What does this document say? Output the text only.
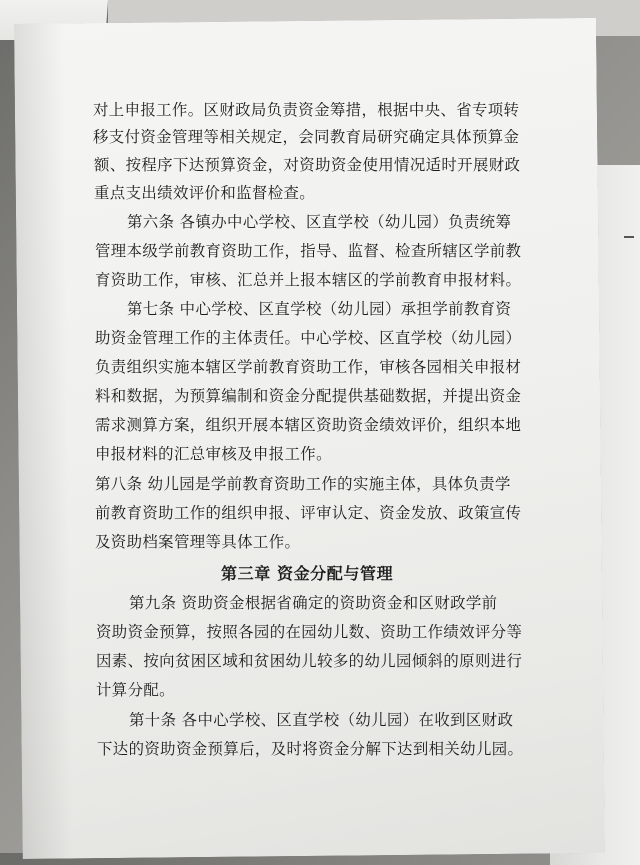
对上申报工作。区财政局负责资金筹措，根据中央、省专项转
移支付资金管理等相关规定，会同教育局研究确定具体预算金
额、按程序下达预算资金，对资助资金使用情况适时开展财政
重点支出绩效评价和监督检查。
第六条 各镇办中心学校、区直学校（幼儿园）负责统筹
管理本级学前教育资助工作，指导、监督、检查所辖区学前教
育资助工作，审核、汇总并上报本辖区的学前教育申报材料。
第七条 中心学校、区直学校（幼儿园）承担学前教育资
助资金管理工作的主体责任。中心学校、区直学校（幼儿园）
负责组织实施本辖区学前教育资助工作，审核各园相关申报材
料和数据，为预算编制和资金分配提供基础数据，并提出资金
需求测算方案，组织开展本辖区资助资金绩效评价，组织本地
申报材料的汇总审核及申报工作。
第八条 幼儿园是学前教育资助工作的实施主体，具体负责学
前教育资助工作的组织申报、评审认定、资金发放、政策宣传
及资助档案管理等具体工作。
第三章 资金分配与管理
第九条 资助资金根据省确定的资助资金和区财政学前
资助资金预算，按照各园的在园幼儿数、资助工作绩效评分等
因素、按向贫困区域和贫困幼儿较多的幼儿园倾斜的原则进行
计算分配。
第十条 各中心学校、区直学校（幼儿园）在收到区财政
下达的资助资金预算后，及时将资金分解下达到相关幼儿园。
